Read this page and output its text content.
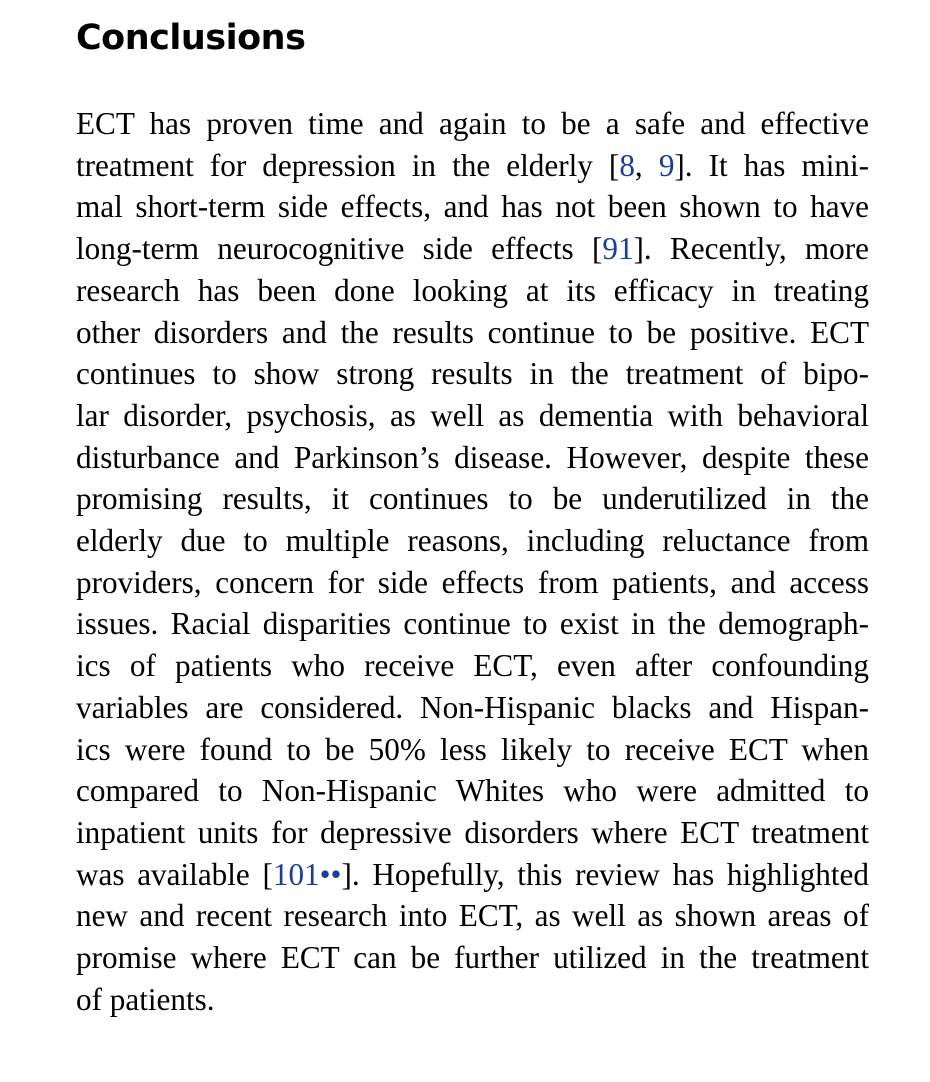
Conclusions
ECT has proven time and again to be a safe and effective
treatment for depression in the elderly [8, 9]. It has mini-
mal short-term side effects, and has not been shown to have
long-term neurocognitive side effects [91]. Recently, more
research has been done looking at its efficacy in treating
other disorders and the results continue to be positive. ECT
continues to show strong results in the treatment of bipo-
lar disorder, psychosis, as well as dementia with behavioral
disturbance and Parkinson’s disease. However, despite these
promising results, it continues to be underutilized in the
elderly due to multiple reasons, including reluctance from
providers, concern for side effects from patients, and access
issues. Racial disparities continue to exist in the demograph-
ics of patients who receive ECT, even after confounding
variables are considered. Non-Hispanic blacks and Hispan-
ics were found to be 50% less likely to receive ECT when
compared to Non-Hispanic Whites who were admitted to
inpatient units for depressive disorders where ECT treatment
was available [101••]. Hopefully, this review has highlighted
new and recent research into ECT, as well as shown areas of
promise where ECT can be further utilized in the treatment
of patients.
